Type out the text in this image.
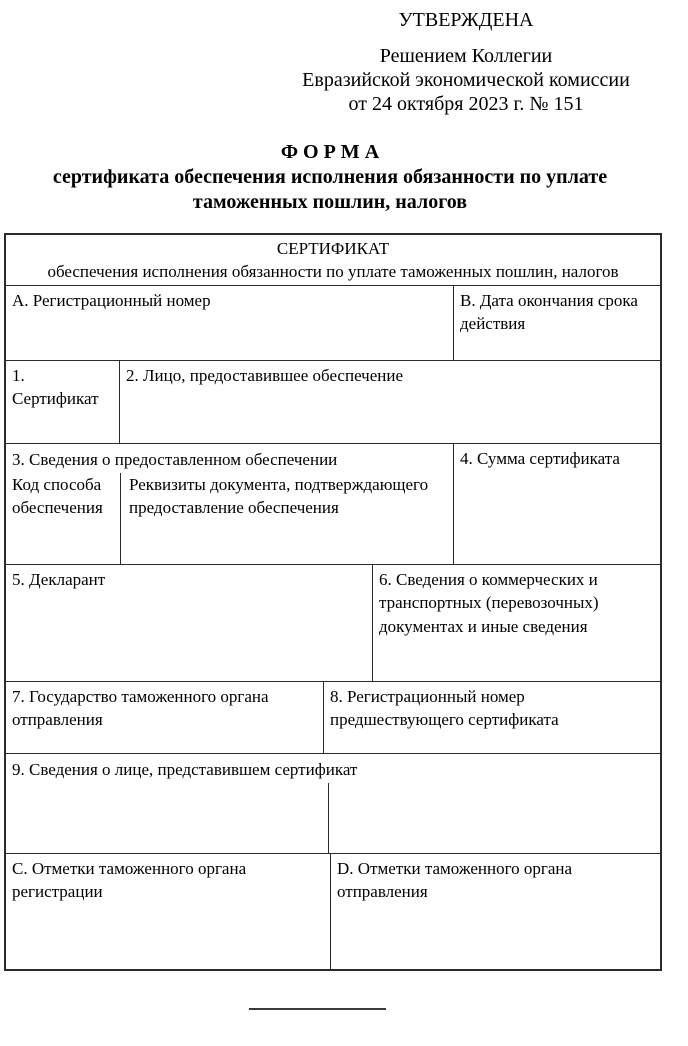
УТВЕРЖДЕНА
Решением Коллегии
Евразийской экономической комиссии
от 24 октября 2023 г. № 151
Ф О Р М А
сертификата обеспечения исполнения обязанности по уплате
таможенных пошлин, налогов
СЕРТИФИКАТ
обеспечения исполнения обязанности по уплате таможенных пошлин, налогов
A. Регистрационный номер	B. Дата окончания срока действия
1. Сертификат
2. Лицо, предоставившее обеспечение
3. Сведения о предоставленном обеспечении
Код способа обеспечения
Реквизиты документа, подтверждающего предоставление обеспечения
4. Сумма сертификата
5. Декларант	6. Сведения о коммерческих и транспортных (перевозочных) документах и иные сведения
7. Государство таможенного органа отправления
8. Регистрационный номер предшествующего сертификата
9. Сведения о лице, представившем сертификат
C. Отметки таможенного органа регистрации
D. Отметки таможенного органа отправления
